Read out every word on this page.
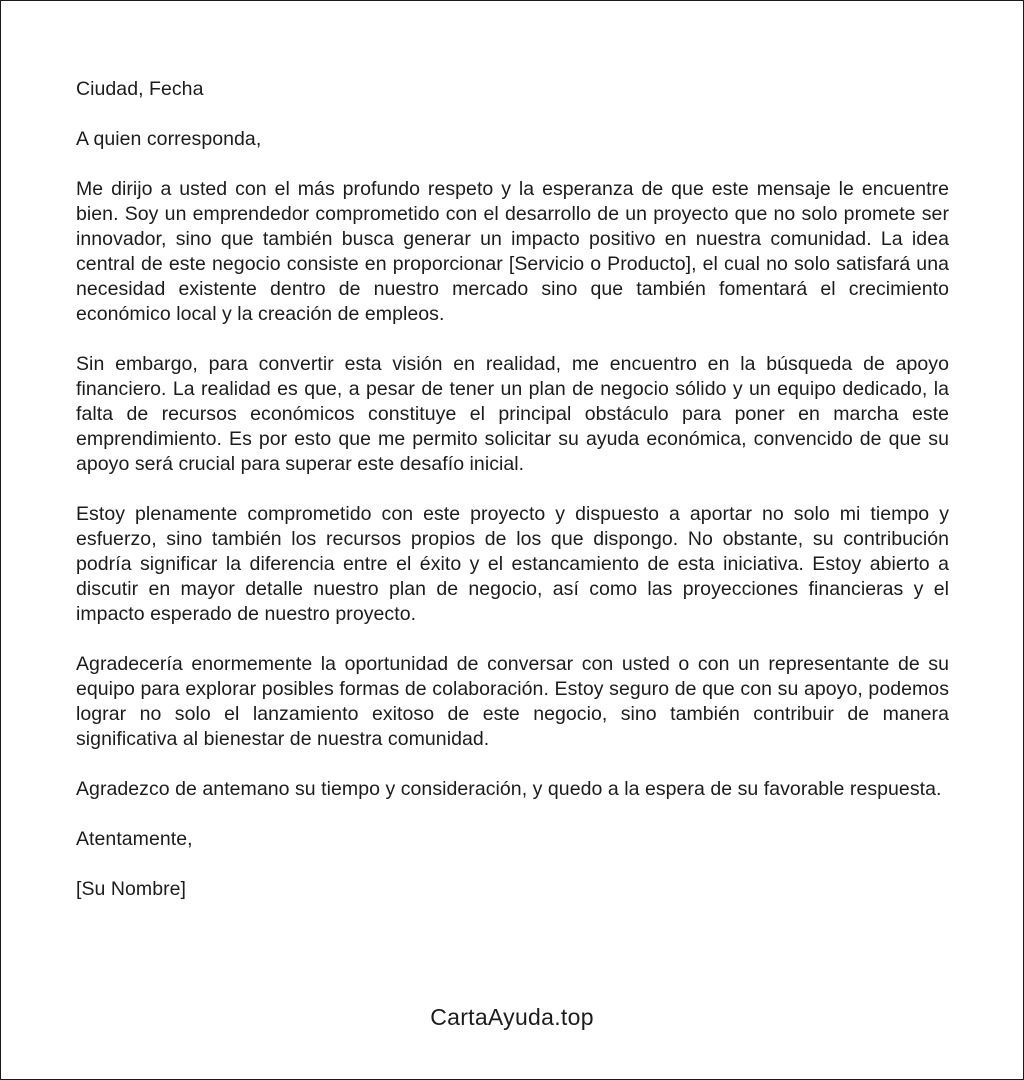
Ciudad, Fecha

A quien corresponda,

Me dirijo a usted con el más profundo respeto y la esperanza de que este mensaje le encuentre bien. Soy un emprendedor comprometido con el desarrollo de un proyecto que no solo promete ser innovador, sino que también busca generar un impacto positivo en nuestra comunidad. La idea central de este negocio consiste en proporcionar [Servicio o Producto], el cual no solo satisfará una necesidad existente dentro de nuestro mercado sino que también fomentará el crecimiento económico local y la creación de empleos.

Sin embargo, para convertir esta visión en realidad, me encuentro en la búsqueda de apoyo financiero. La realidad es que, a pesar de tener un plan de negocio sólido y un equipo dedicado, la falta de recursos económicos constituye el principal obstáculo para poner en marcha este emprendimiento. Es por esto que me permito solicitar su ayuda económica, convencido de que su apoyo será crucial para superar este desafío inicial.

Estoy plenamente comprometido con este proyecto y dispuesto a aportar no solo mi tiempo y esfuerzo, sino también los recursos propios de los que dispongo. No obstante, su contribución podría significar la diferencia entre el éxito y el estancamiento de esta iniciativa. Estoy abierto a discutir en mayor detalle nuestro plan de negocio, así como las proyecciones financieras y el impacto esperado de nuestro proyecto.

Agradecería enormemente la oportunidad de conversar con usted o con un representante de su equipo para explorar posibles formas de colaboración. Estoy seguro de que con su apoyo, podemos lograr no solo el lanzamiento exitoso de este negocio, sino también contribuir de manera significativa al bienestar de nuestra comunidad.

Agradezco de antemano su tiempo y consideración, y quedo a la espera de su favorable respuesta.

Atentamente,

[Su Nombre]

CartaAyuda.top
